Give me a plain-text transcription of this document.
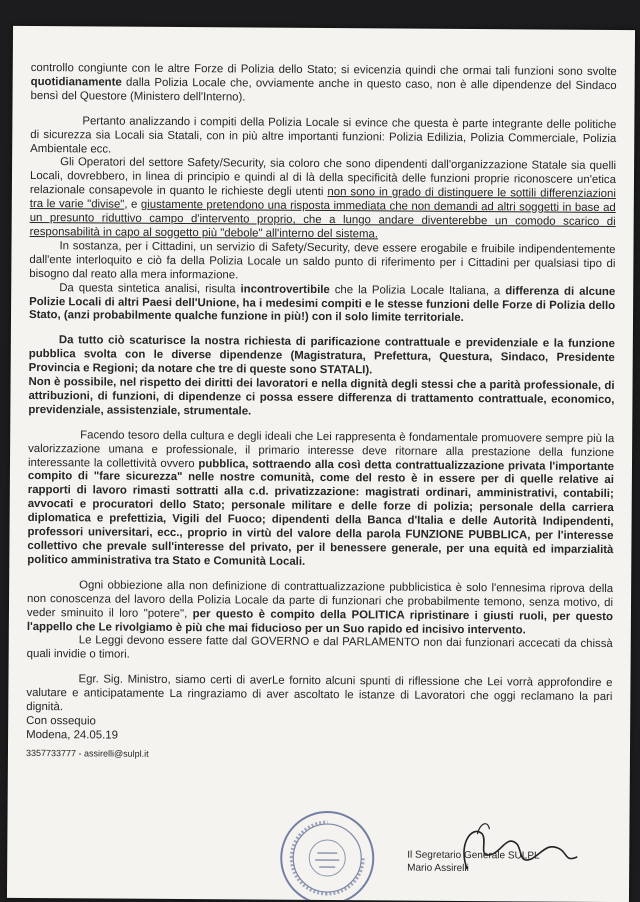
controllo congiunte con le altre Forze di Polizia dello Stato; si evicenzia quindi che ormai tali funzioni sono svolte quotidianamente dalla Polizia Locale che, ovviamente anche in questo caso, non è alle dipendenze del Sindaco bensì del Questore (Ministero dell'Interno).

Pertanto analizzando i compiti della Polizia Locale si evince che questa è parte integrante delle politiche di sicurezza sia Locali sia Statali, con in più altre importanti funzioni: Polizia Edilizia, Polizia Commerciale, Polizia Ambientale ecc.

Gli Operatori del settore Safety/Security, sia coloro che sono dipendenti dall'organizzazione Statale sia quelli Locali, dovrebbero, in linea di principio e quindi al di là della specificità delle funzioni proprie riconoscere un'etica relazionale consapevole in quanto le richieste degli utenti non sono in grado di distinguere le sottili differenziazioni tra le varie "divise", e giustamente pretendono una risposta immediata che non demandi ad altri soggetti in base ad un presunto riduttivo campo d'intervento proprio, che a lungo andare diventerebbe un comodo scarico di responsabilità in capo al soggetto più "debole" all'interno del sistema.

In sostanza, per i Cittadini, un servizio di Safety/Security, deve essere erogabile e fruibile indipendentemente dall'ente interloquito e ciò fa della Polizia Locale un saldo punto di riferimento per i Cittadini per qualsiasi tipo di bisogno dal reato alla mera informazione.

Da questa sintetica analisi, risulta incontrovertibile che la Polizia Locale Italiana, a differenza di alcune Polizie Locali di altri Paesi dell'Unione, ha i medesimi compiti e le stesse funzioni delle Forze di Polizia dello Stato, (anzi probabilmente qualche funzione in più!) con il solo limite territoriale.

Da tutto ciò scaturisce la nostra richiesta di parificazione contrattuale e previdenziale e la funzione pubblica svolta con le diverse dipendenze (Magistratura, Prefettura, Questura, Sindaco, Presidente Provincia e Regioni; da notare che tre di queste sono STATALI).

Non è possibile, nel rispetto dei diritti dei lavoratori e nella dignità degli stessi che a parità professionale, di attribuzioni, di funzioni, di dipendenze ci possa essere differenza di trattamento contrattuale, economico, previdenziale, assistenziale, strumentale.

Facendo tesoro della cultura e degli ideali che Lei rappresenta è fondamentale promuovere sempre più la valorizzazione umana e professionale, il primario interesse deve ritornare alla prestazione della funzione interessante la collettività ovvero pubblica, sottraendo alla così detta contrattualizzazione privata l'importante compito di "fare sicurezza" nelle nostre comunità, come del resto è in essere per di quelle relative ai rapporti di lavoro rimasti sottratti alla c.d. privatizzazione: magistrati ordinari, amministrativi, contabili; avvocati e procuratori dello Stato; personale militare e delle forze di polizia; personale della carriera diplomatica e prefettizia, Vigili del Fuoco; dipendenti della Banca d'Italia e delle Autorità Indipendenti, professori universitari, ecc., proprio in virtù del valore della parola FUNZIONE PUBBLICA, per l'interesse collettivo che prevale sull'interesse del privato, per il benessere generale, per una equità ed imparzialità politico amministrativa tra Stato e Comunità Locali.

Ogni obbiezione alla non definizione di contrattualizzazione pubblicistica è solo l'ennesima riprova della non conoscenza del lavoro della Polizia Locale da parte di funzionari che probabilmente temono, senza motivo, di veder sminuito il loro "potere", per questo è compito della POLITICA ripristinare i giusti ruoli, per questo l'appello che Le rivolgiamo è più che mai fiducioso per un Suo rapido ed incisivo intervento.

Le Leggi devono essere fatte dal GOVERNO e dal PARLAMENTO non dai funzionari accecati da chissà quali invidie o timori.

Egr. Sig. Ministro, siamo certi di averLe fornito alcuni spunti di riflessione che Lei vorrà approfondire e valutare e anticipatamente La ringraziamo di aver ascoltato le istanze di Lavoratori che oggi reclamano la pari dignità.

Con ossequio

Modena, 24.05.19

3357733777 - assirelli@sulpl.it

Il Segretario Generale SULPL
Mario Assirelli
